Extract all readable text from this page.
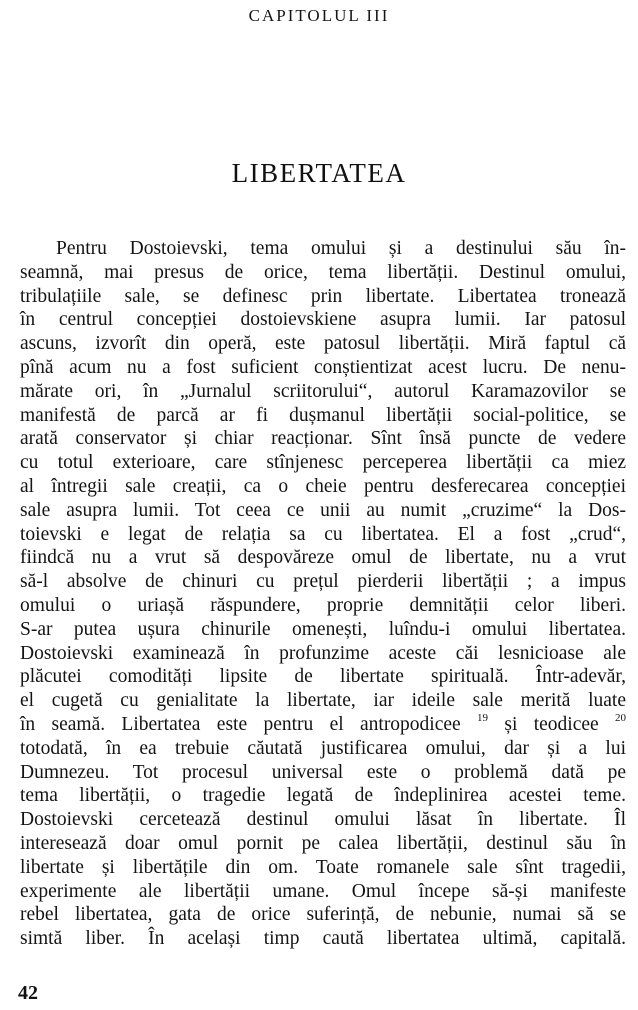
CAPITOLUL III
LIBERTATEA
Pentru Dostoievski, tema omului și a destinului său în-
seamnă, mai presus de orice, tema libertății. Destinul omului,
tribulațiile sale, se definesc prin libertate. Libertatea tronează
în centrul concepției dostoievskiene asupra lumii. Iar patosul
ascuns, izvorît din operă, este patosul libertății. Miră faptul că
pînă acum nu a fost suficient conștientizat acest lucru. De nenu-
mărate ori, în „Jurnalul scriitorului“, autorul Karamazovilor se
manifestă de parcă ar fi dușmanul libertății social-politice, se
arată conservator și chiar reacționar. Sînt însă puncte de vedere
cu totul exterioare, care stînjenesc perceperea libertății ca miez
al întregii sale creații, ca o cheie pentru desferecarea concepției
sale asupra lumii. Tot ceea ce unii au numit „cruzime“ la Dos-
toievski e legat de relația sa cu libertatea. El a fost „crud“,
fiindcă nu a vrut să despovăreze omul de libertate, nu a vrut
să-l absolve de chinuri cu prețul pierderii libertății ; a impus
omului o uriașă răspundere, proprie demnității celor liberi.
S-ar putea ușura chinurile omenești, luîndu-i omului libertatea.
Dostoievski examinează în profunzime aceste căi lesnicioase ale
plăcutei comodități lipsite de libertate spirituală. Într-adevăr,
el cugetă cu genialitate la libertate, iar ideile sale merită luate
în seamă. Libertatea este pentru el antropodicee $^{19}$ și teodicee $^{20}$
totodată, în ea trebuie căutată justificarea omului, dar și a lui
Dumnezeu. Tot procesul universal este o problemă dată pe
tema libertății, o tragedie legată de îndeplinirea acestei teme.
Dostoievski cercetează destinul omului lăsat în libertate. Îl
interesează doar omul pornit pe calea libertății, destinul său în
libertate și libertățile din om. Toate romanele sale sînt tragedii,
experimente ale libertății umane. Omul începe să-și manifeste
rebel libertatea, gata de orice suferință, de nebunie, numai să se
simtă liber. În același timp caută libertatea ultimă, capitală.
42
